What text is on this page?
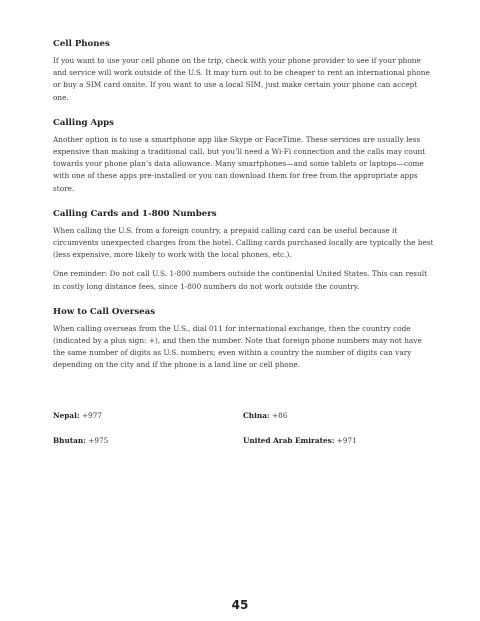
Cell Phones

If you want to use your cell phone on the trip, check with your phone provider to see if your phone and service will work outside of the U.S. It may turn out to be cheaper to rent an international phone or buy a SIM card onsite. If you want to use a local SIM, just make certain your phone can accept one.

Calling Apps

Another option is to use a smartphone app like Skype or FaceTime. These services are usually less expensive than making a traditional call, but you’ll need a Wi-Fi connection and the calls may count towards your phone plan’s data allowance. Many smartphones—and some tablets or laptops—come with one of these apps pre-installed or you can download them for free from the appropriate apps store.

Calling Cards and 1-800 Numbers

When calling the U.S. from a foreign country, a prepaid calling card can be useful because it circumvents unexpected charges from the hotel. Calling cards purchased locally are typically the best (less expensive, more likely to work with the local phones, etc.).

One reminder: Do not call U.S. 1-800 numbers outside the continental United States. This can result in costly long distance fees, since 1-800 numbers do not work outside the country.

How to Call Overseas

When calling overseas from the U.S., dial 011 for international exchange, then the country code (indicated by a plus sign: +), and then the number. Note that foreign phone numbers may not have the same number of digits as U.S. numbers; even within a country the number of digits can vary depending on the city and if the phone is a land line or cell phone.

Nepal: +977	China: +86
Bhutan: +975	United Arab Emirates: +971
45
